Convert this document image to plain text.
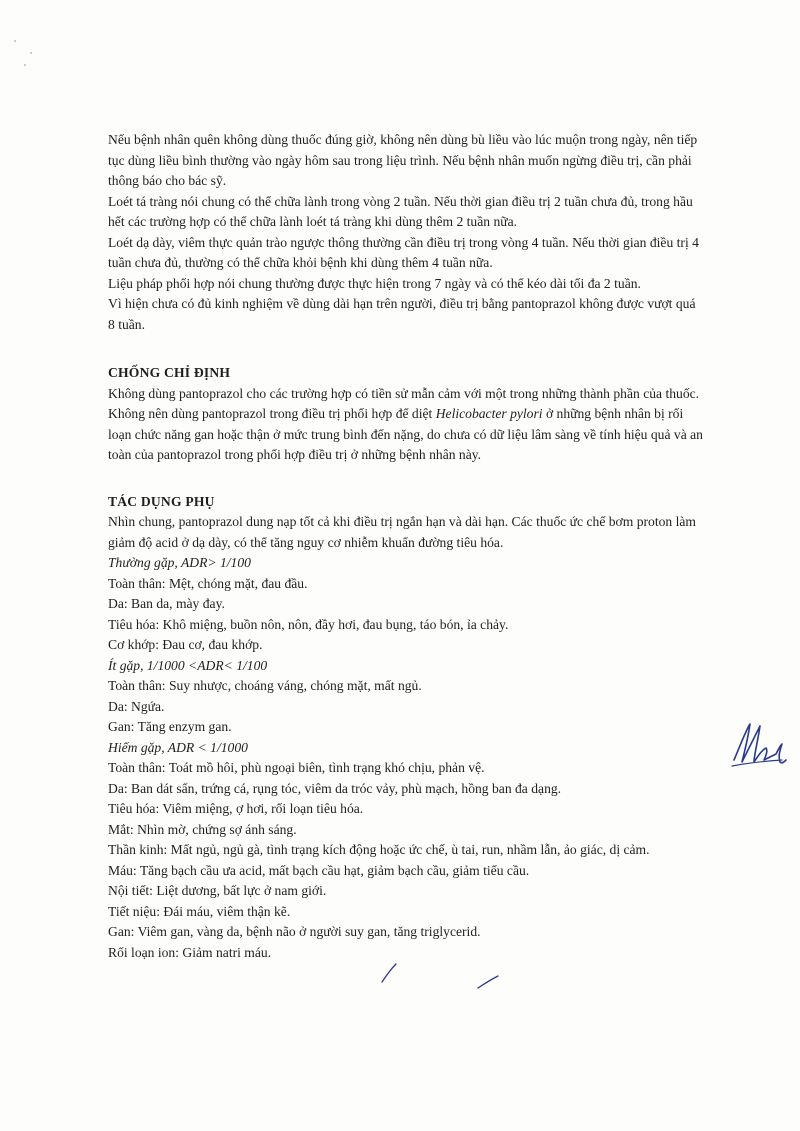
Nếu bệnh nhân quên không dùng thuốc đúng giờ, không nên dùng bù liều vào lúc muộn trong ngày, nên tiếp tục dùng liều bình thường vào ngày hôm sau trong liệu trình. Nếu bệnh nhân muốn ngừng điều trị, cần phải thông báo cho bác sỹ.

Loét tá tràng nói chung có thể chữa lành trong vòng 2 tuần. Nếu thời gian điều trị 2 tuần chưa đủ, trong hầu hết các trường hợp có thể chữa lành loét tá tràng khi dùng thêm 2 tuần nữa.

Loét dạ dày, viêm thực quản trào ngược thông thường cần điều trị trong vòng 4 tuần. Nếu thời gian điều trị 4 tuần chưa đủ, thường có thể chữa khỏi bệnh khi dùng thêm 4 tuần nữa.

Liệu pháp phối hợp nói chung thường được thực hiện trong 7 ngày và có thể kéo dài tối đa 2 tuần.

Vì hiện chưa có đủ kinh nghiệm về dùng dài hạn trên người, điều trị bằng pantoprazol không được vượt quá 8 tuần.

CHỐNG CHỈ ĐỊNH

Không dùng pantoprazol cho các trường hợp có tiền sử mẫn cảm với một trong những thành phần của thuốc.

Không nên dùng pantoprazol trong điều trị phối hợp để diệt Helicobacter pylori ở những bệnh nhân bị rối loạn chức năng gan hoặc thận ở mức trung bình đến nặng, do chưa có dữ liệu lâm sàng về tính hiệu quả và an toàn của pantoprazol trong phối hợp điều trị ở những bệnh nhân này.

TÁC DỤNG PHỤ

Nhìn chung, pantoprazol dung nạp tốt cả khi điều trị ngắn hạn và dài hạn. Các thuốc ức chế bơm proton làm giảm độ acid ở dạ dày, có thể tăng nguy cơ nhiễm khuẩn đường tiêu hóa.

Thường gặp, ADR> 1/100

Toàn thân: Mệt, chóng mặt, đau đầu.

Da: Ban da, mày đay.

Tiêu hóa: Khô miệng, buồn nôn, nôn, đầy hơi, đau bụng, táo bón, ỉa chảy.

Cơ khớp: Đau cơ, đau khớp.

Ít gặp, 1/1000 <ADR< 1/100

Toàn thân: Suy nhược, choáng váng, chóng mặt, mất ngủ.

Da: Ngứa.

Gan: Tăng enzym gan.

Hiếm gặp, ADR < 1/1000

Toàn thân: Toát mồ hôi, phù ngoại biên, tình trạng khó chịu, phản vệ.

Da: Ban dát sẩn, trứng cá, rụng tóc, viêm da tróc vảy, phù mạch, hồng ban đa dạng.

Tiêu hóa: Viêm miệng, ợ hơi, rối loạn tiêu hóa.

Mắt: Nhìn mờ, chứng sợ ánh sáng.

Thần kinh: Mất ngủ, ngủ gà, tình trạng kích động hoặc ức chế, ù tai, run, nhầm lẫn, ảo giác, dị cảm.

Máu: Tăng bạch cầu ưa acid, mất bạch cầu hạt, giảm bạch cầu, giảm tiểu cầu.

Nội tiết: Liệt dương, bất lực ở nam giới.

Tiết niệu: Đái máu, viêm thận kẽ.

Gan: Viêm gan, vàng da, bệnh não ở người suy gan, tăng triglycerid.

Rối loạn ion: Giảm natri máu.
